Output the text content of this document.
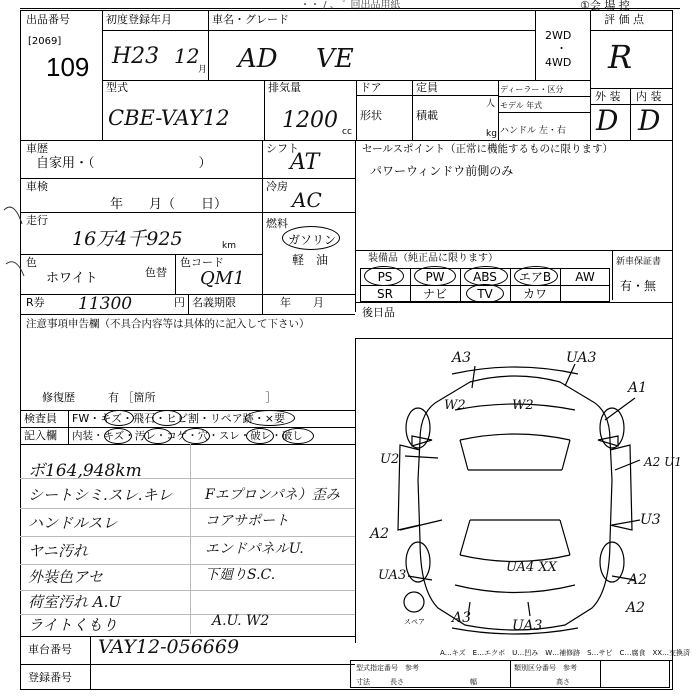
・・ / 、 ﾟ 回出品用紙	①会 場 控
出品番号
[2069]
109
初度登録年月
H23 12
月
車名・グレード
AD VE
2WD
・
4WD
評 価 点
R
型式
CBE-VAY12
排気量
1200 cc
ドア	定員
人
形状	積載
kg
ディーラー・区分
モデル 年式
ハンドル 左・右
外 装 内 装
D D
車歴
自家用・（　　　　　　　　）
シフト
AT
車検
年　　月（　　日）
冷房
AC
走行
16万4千925	km
燃料
ガソリン
軽　油
色
ホワイト	色替
色コード
QM1
R券 11300	円 名義期限	年　　月
注意事項申告欄（不具合内容等は具体的に記入して下さい）
修復歴	有 ［箇所　　　　　　　　　　］
セールスポイント（正常に機能するものに限ります）
パワーウィンドウ前側のみ
装備品（純正品に限ります）	新車保証書
有・無
PS	PW	ABS	エアB	AW
SR	ナビ	TV	カワ
後日品
検査員
記入欄
FW・キズ・飛石・ヒビ割・リペア跡・×要
内装・キズ・汚レ・コゲ・穴・スレ・破レ・破し
ボ164,948km
シートシミ.スレ.キレ
ハンドルスレ
ヤニ汚れ
外装色アセ
荷室汚れ A.U
ライトくもり
Fエプロンパネ）歪み
コアサポート
エンドパネルU.
下廻りS.C.
A.U. W2
A3	UA3
A1
W2	W2
U2	A2 U1
U3
A2
UA4 XX
UA3	A2
A3	UA3
A2
スペア
A…キズ　E…エクボ　U…凹み　W…補修跡　S…サビ　C…腐食　XX…交換済
車台番号 VAY12-056669
登録番号
型式指定番号　参考	類別区分番号　参考
寸法	長さ	幅	高さ
